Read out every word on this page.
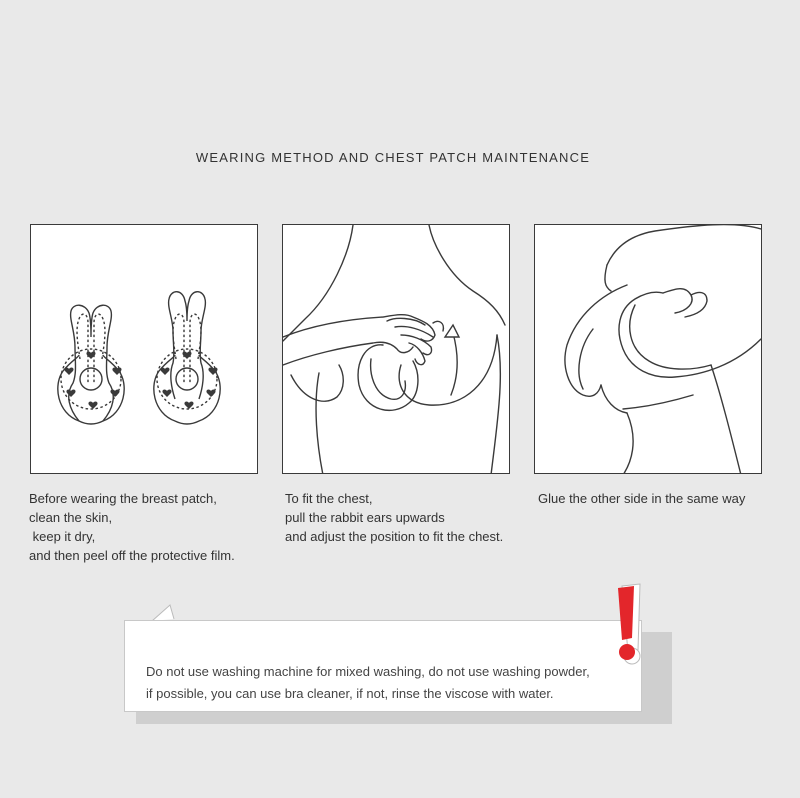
WEARING METHOD AND CHEST PATCH MAINTENANCE
Before wearing the breast patch,
clean the skin,
keep it dry,
and then peel off the protective film.
To fit the chest,
pull the rabbit ears upwards
and adjust the position to fit the chest.
Glue the other side in the same way
Do not use washing machine for mixed washing, do not use washing powder,
if possible, you can use bra cleaner, if not, rinse the viscose with water.
